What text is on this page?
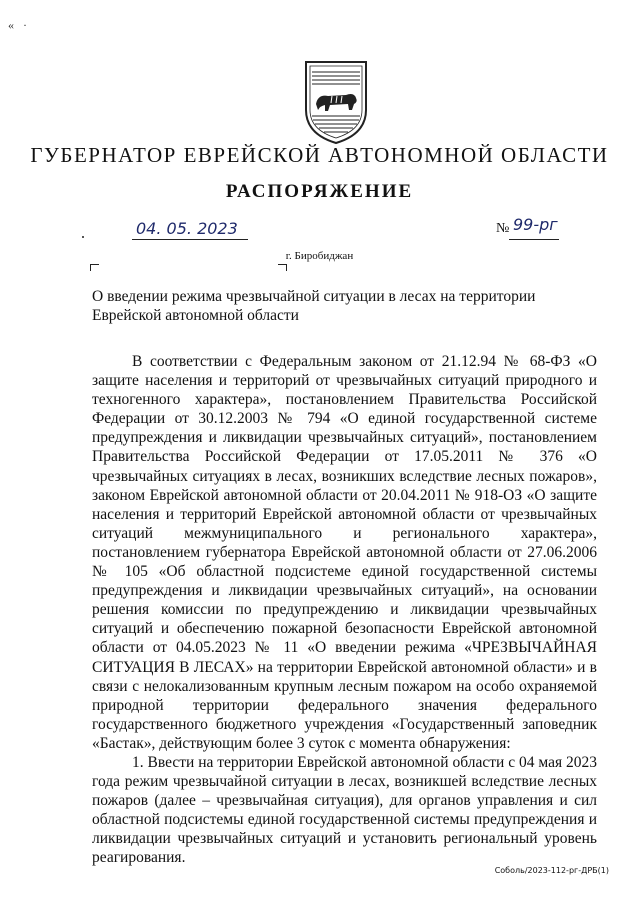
« ·
ГУБЕРНАТОР ЕВРЕЙСКОЙ АВТОНОМНОЙ ОБЛАСТИ
РАСПОРЯЖЕНИЕ
04. 05. 2023	№ 99-рг
г. Биробиджан
О введении режима чрезвычайной ситуации в лесах на территории Еврейской автономной области

В соответствии с Федеральным законом от 21.12.94 № 68-ФЗ «О защите населения и территорий от чрезвычайных ситуаций природного и техногенного характера», постановлением Правительства Российской Федерации от 30.12.2003 № 794 «О единой государственной системе предупреждения и ликвидации чрезвычайных ситуаций», постановлением Правительства Российской Федерации от 17.05.2011 № 376 «О чрезвычайных ситуациях в лесах, возникших вследствие лесных пожаров», законом Еврейской автономной области от 20.04.2011 № 918-ОЗ «О защите населения и территорий Еврейской автономной области от чрезвычайных ситуаций межмуниципального и регионального характера», постановлением губернатора Еврейской автономной области от 27.06.2006 № 105 «Об областной подсистеме единой государственной системы предупреждения и ликвидации чрезвычайных ситуаций», на основании решения комиссии по предупреждению и ликвидации чрезвычайных ситуаций и обеспечению пожарной безопасности Еврейской автономной области от 04.05.2023 № 11 «О введении режима «ЧРЕЗВЫЧАЙНАЯ СИТУАЦИЯ В ЛЕСАХ» на территории Еврейской автономной области» и в связи с нелокализованным крупным лесным пожаром на особо охраняемой природной территории федерального значения федерального государственного бюджетного учреждения «Государственный заповедник «Бастак», действующим более 3 суток с момента обнаружения:

1. Ввести на территории Еврейской автономной области с 04 мая 2023 года режим чрезвычайной ситуации в лесах, возникшей вследствие лесных пожаров (далее – чрезвычайная ситуация), для органов управления и сил областной подсистемы единой государственной системы предупреждения и ликвидации чрезвычайных ситуаций и установить региональный уровень реагирования.

Соболь/2023-112-рг-ДРБ(1)
